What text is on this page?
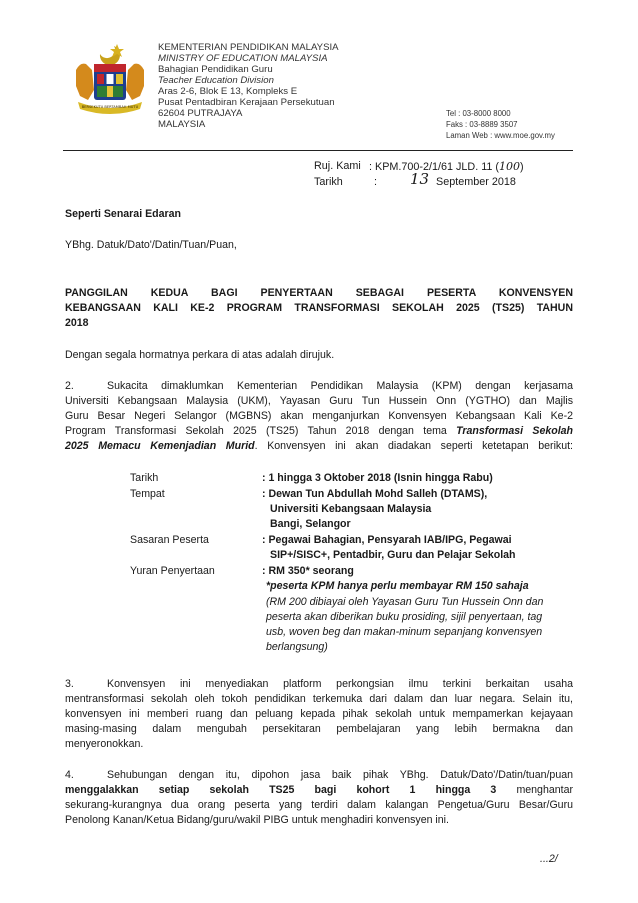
BERSEKUTU BERTAMBAH MUTU
KEMENTERIAN PENDIDIKAN MALAYSIA
MINISTRY OF EDUCATION MALAYSIA
Bahagian Pendidikan Guru
Teacher Education Division
Aras 2-6, Blok E 13, Kompleks E
Pusat Pentadbiran Kerajaan Persekutuan
62604 PUTRAJAYA
MALAYSIA
Tel : 03-8000 8000
Faks : 03-8889 3507
Laman Web : www.moe.gov.my
Ruj. Kami : KPM.700-2/1/61 JLD. 11 (100)
Tarikh	: 13 September 2018
Seperti Senarai Edaran
YBhg. Datuk/Dato'/Datin/Tuan/Puan,
PANGGILAN KEDUA BAGI PENYERTAAN SEBAGAI PESERTA KONVENSYEN
KEBANGSAAN KALI KE-2 PROGRAM TRANSFORMASI SEKOLAH 2025 (TS25) TAHUN
2018
Dengan segala hormatnya perkara di atas adalah dirujuk.
2.	Sukacita dimaklumkan Kementerian Pendidikan Malaysia (KPM) dengan kerjasama
Universiti Kebangsaan Malaysia (UKM), Yayasan Guru Tun Hussein Onn (YGTHO) dan Majlis
Guru Besar Negeri Selangor (MGBNS) akan menganjurkan Konvensyen Kebangsaan Kali Ke-2
Program Transformasi Sekolah 2025 (TS25) Tahun 2018 dengan tema Transformasi Sekolah
2025 Memacu Kemenjadian Murid. Konvensyen ini akan diadakan seperti ketetapan berikut:
Tarikh	: 1 hingga 3 Oktober 2018 (Isnin hingga Rabu)
Tempat	: Dewan Tun Abdullah Mohd Salleh (DTAMS),
Universiti Kebangsaan Malaysia
Bangi, Selangor
Sasaran Peserta	: Pegawai Bahagian, Pensyarah IAB/IPG, Pegawai
SIP+/SISC+, Pentadbir, Guru dan Pelajar Sekolah
Yuran Penyertaan	: RM 350* seorang
*peserta KPM hanya perlu membayar RM 150 sahaja
(RM 200 dibiayai oleh Yayasan Guru Tun Hussein Onn dan
peserta akan diberikan buku prosiding, sijil penyertaan, tag
usb, woven beg dan makan-minum sepanjang konvensyen
berlangsung)
3.	Konvensyen ini menyediakan platform perkongsian ilmu terkini berkaitan usaha
mentransformasi sekolah oleh tokoh pendidikan terkemuka dari dalam dan luar negara. Selain itu,
konvensyen ini memberi ruang dan peluang kepada pihak sekolah untuk mempamerkan kejayaan
masing-masing dalam mengubah persekitaran pembelajaran yang lebih bermakna dan
menyeronokkan.
4.	Sehubungan dengan itu, dipohon jasa baik pihak YBhg. Datuk/Dato'/Datin/tuan/puan
menggalakkan setiap sekolah TS25 bagi kohort 1 hingga 3 menghantar
sekurang-kurangnya dua orang peserta yang terdiri dalam kalangan Pengetua/Guru Besar/Guru
Penolong Kanan/Ketua Bidang/guru/wakil PIBG untuk menghadiri konvensyen ini.
...2/
